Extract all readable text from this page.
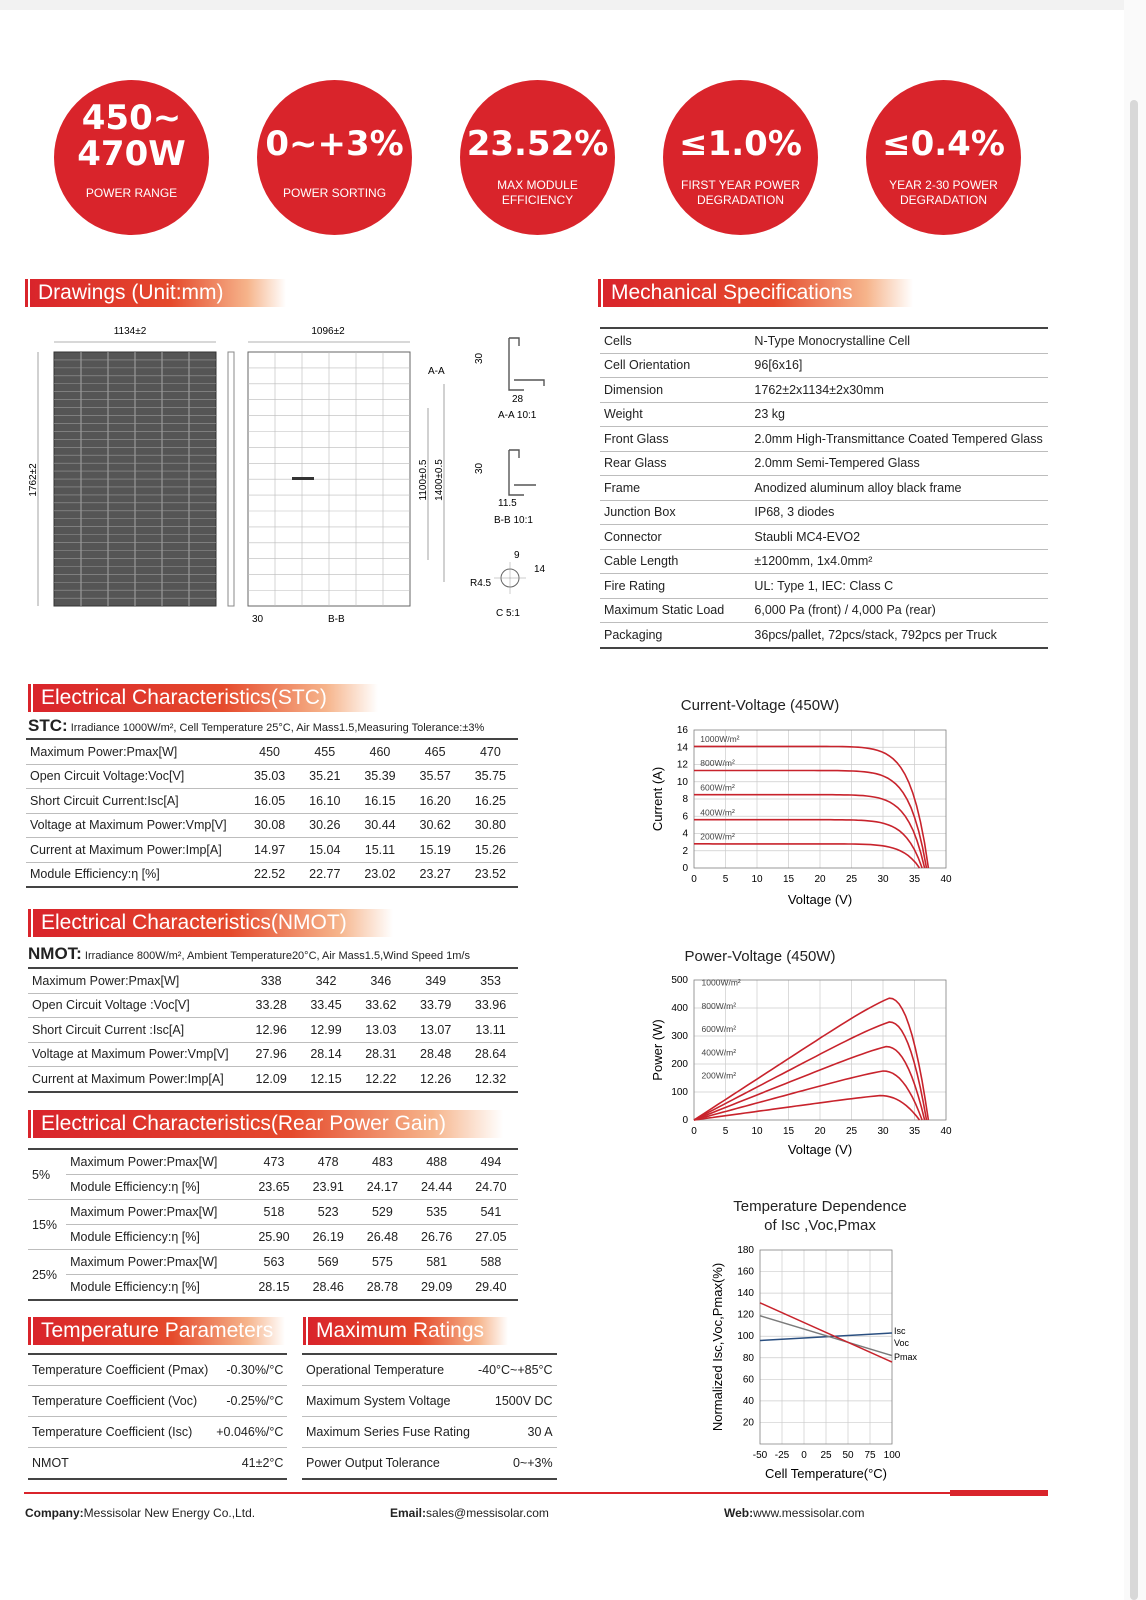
450~
470W
POWER RANGE
0~+3%
POWER SORTING
23.52%
MAX MODULE
EFFICIENCY
≤1.0%
FIRST YEAR POWER
DEGRADATION
≤0.4%
YEAR 2-30 POWER
DEGRADATION
Drawings (Unit:mm)
1134±2	1096±2
1762±2
A-A
1100±0.5 1400±0.5
30
28
A-A 10:1
30
11.5
B-B 10:1
9
14
R4.5
C 5:1
30	B-B
Mechanical Specifications
Cells	N-Type Monocrystalline Cell
Cell Orientation	96[6x16]
Dimension	1762±2x1134±2x30mm
Weight	23 kg
Front Glass	2.0mm High-Transmittance Coated Tempered Glass
Rear Glass	2.0mm Semi-Tempered Glass
Frame	Anodized aluminum alloy black frame
Junction Box	IP68, 3 diodes
Connector	Staubli MC4-EVO2
Cable Length	±1200mm, 1x4.0mm²
Fire Rating	UL: Type 1, IEC: Class C
Maximum Static Load	6,000 Pa (front) / 4,000 Pa (rear)
Packaging	36pcs/pallet, 72pcs/stack, 792pcs per Truck
Electrical Characteristics(STC)
STC: Irradiance 1000W/m², Cell Temperature 25°C, Air Mass1.5,Measuring Tolerance:±3%
Maximum Power:Pmax[W]	450	455	460	465	470
Open Circuit Voltage:Voc[V]	35.03	35.21	35.39	35.57	35.75
Short Circuit Current:Isc[A]	16.05	16.10	16.15	16.20	16.25
Voltage at Maximum Power:Vmp[V]	30.08	30.26	30.44	30.62	30.80
Current at Maximum Power:Imp[A]	14.97	15.04	15.11	15.19	15.26
Module Efficiency:η [%]	22.52	22.77	23.02	23.27	23.52
Electrical Characteristics(NMOT)
NMOT: Irradiance 800W/m², Ambient Temperature20°C, Air Mass1.5,Wind Speed 1m/s
Maximum Power:Pmax[W]	338	342	346	349	353
Open Circuit Voltage :Voc[V]	33.28	33.45	33.62	33.79	33.96
Short Circuit Current :Isc[A]	12.96	12.99	13.03	13.07	13.11
Voltage at Maximum Power:Vmp[V]	27.96	28.14	28.31	28.48	28.64
Current at Maximum Power:Imp[A]	12.09	12.15	12.22	12.26	12.32
Electrical Characteristics(Rear Power Gain)
5%	Maximum Power:Pmax[W]	473	478	483	488	494
	Module Efficiency:η [%]	23.65	23.91	24.17	24.44	24.70
15%	Maximum Power:Pmax[W]	518	523	529	535	541
	Module Efficiency:η [%]	25.90	26.19	26.48	26.76	27.05
25%	Maximum Power:Pmax[W]	563	569	575	581	588
	Module Efficiency:η [%]	28.15	28.46	28.78	29.09	29.40
Temperature Parameters
Temperature Coefficient (Pmax)	-0.30%/°C
Temperature Coefficient (Voc)	-0.25%/°C
Temperature Coefficient (Isc)	+0.046%/°C
NMOT	41±2°C
Maximum Ratings
Operational Temperature	-40°C~+85°C
Maximum System Voltage	1500V DC
Maximum Series Fuse Rating	30 A
Power Output Tolerance	0~+3%
Current-Voltage (450W)
0	5 10 15 20 25 30 35 40
0
2
4
6
8
10
12
14
16
Voltage (V)
Current (A)
1000W/m²
800W/m²
600W/m²
400W/m²
200W/m²
Power-Voltage (450W)
0	5 10 15 20 25 30 35 40
0
100
200
300
400
500
Voltage (V)
Power (W)
1000W/m²
800W/m²
600W/m²
400W/m²
200W/m²
Temperature Dependence
of Isc ,Voc,Pmax
-50 -25 0 25 50 75 100
20
40
60
80
100
120
140
160
180
Cell Temperature(°C)
Normalized Isc,Voc,Pmax(%)	Isc
Voc
Pmax
Company:Messisolar New Energy Co.,Ltd.	Email:sales@messisolar.com	Web:www.messisolar.com
